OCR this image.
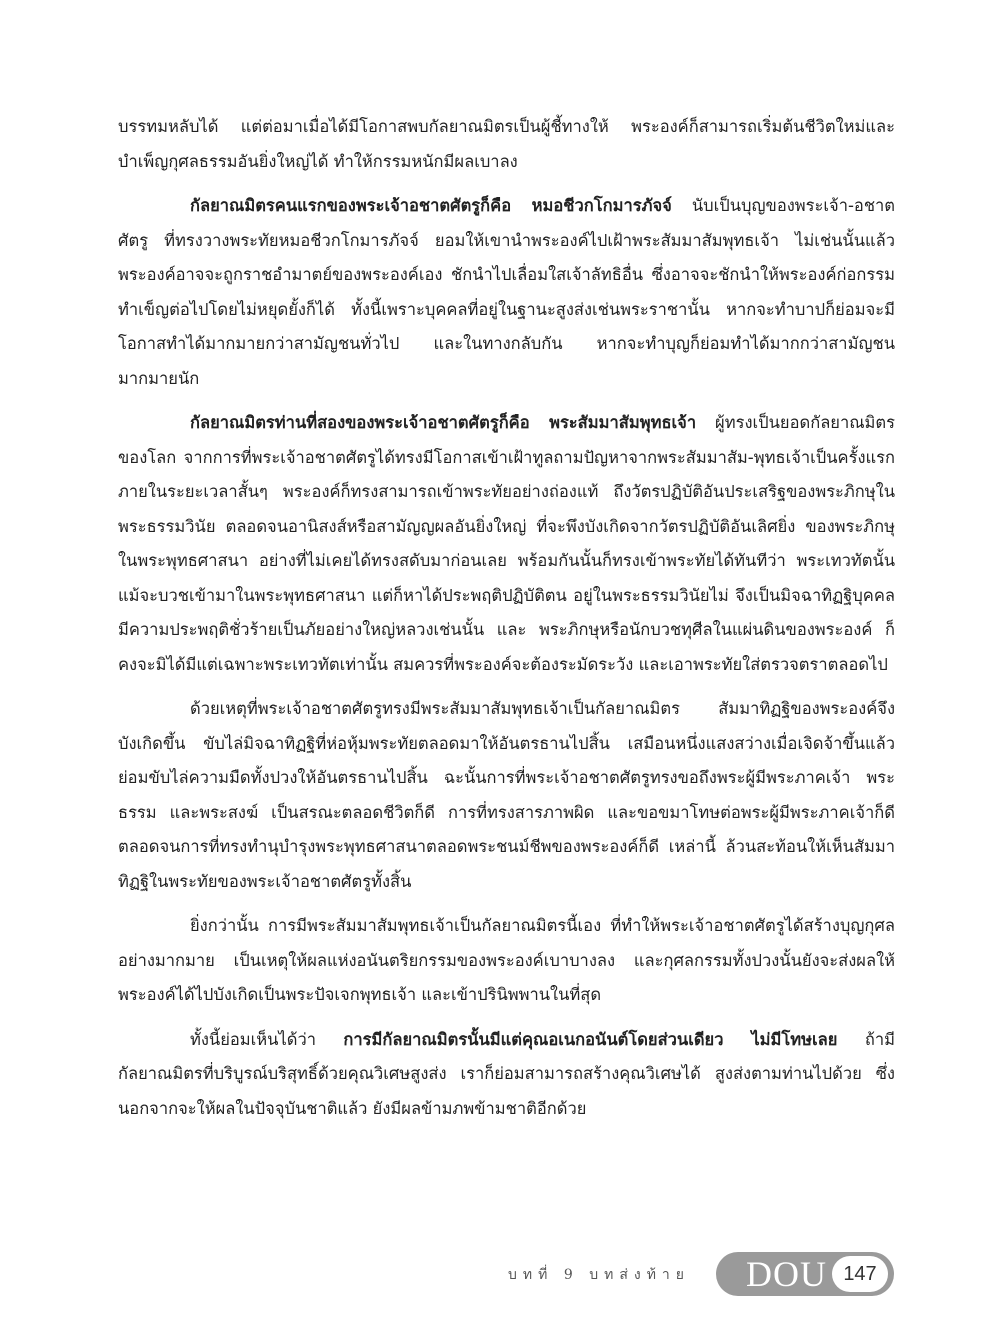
บรรทมหลับได้ แต่ต่อมาเมื่อได้มีโอกาสพบกัลยาณมิตรเป็นผู้ชี้ทางให้ พระองค์ก็สามารถเริ่มต้นชีวิตใหม่และบำเพ็ญกุศลธรรมอันยิ่งใหญ่ได้ ทำให้กรรมหนักมีผลเบาลง

กัลยาณมิตรคนแรกของพระเจ้าอชาตศัตรูก็คือ หมอชีวกโกมารภัจจ์ นับเป็นบุญของพระเจ้า-อชาตศัตรู ที่ทรงวางพระทัยหมอชีวกโกมารภัจจ์ ยอมให้เขานำพระองค์ไปเฝ้าพระสัมมาสัมพุทธเจ้า ไม่เช่นนั้นแล้ว พระองค์อาจจะถูกราชอำมาตย์ของพระองค์เอง ชักนำไปเลื่อมใสเจ้าลัทธิอื่น ซึ่งอาจจะชักนำให้พระองค์ก่อกรรมทำเข็ญต่อไปโดยไม่หยุดยั้งก็ได้ ทั้งนี้เพราะบุคคลที่อยู่ในฐานะสูงส่งเช่นพระราชานั้น หากจะทำบาปก็ย่อมจะมีโอกาสทำได้มากมายกว่าสามัญชนทั่วไป และในทางกลับกัน หากจะทำบุญก็ย่อมทำได้มากกว่าสามัญชนมากมายนัก

กัลยาณมิตรท่านที่สองของพระเจ้าอชาตศัตรูก็คือ พระสัมมาสัมพุทธเจ้า ผู้ทรงเป็นยอดกัลยาณมิตรของโลก จากการที่พระเจ้าอชาตศัตรูได้ทรงมีโอกาสเข้าเฝ้าทูลถามปัญหาจากพระสัมมาสัม-พุทธเจ้าเป็นครั้งแรก ภายในระยะเวลาสั้นๆ พระองค์ก็ทรงสามารถเข้าพระทัยอย่างถ่องแท้ ถึงวัตรปฏิบัติอันประเสริฐของพระภิกษุในพระธรรมวินัย ตลอดจนอานิสงส์หรือสามัญญผลอันยิ่งใหญ่ ที่จะพึงบังเกิดจากวัตรปฏิบัติอันเลิศยิ่ง ของพระภิกษุในพระพุทธศาสนา อย่างที่ไม่เคยได้ทรงสดับมาก่อนเลย พร้อมกันนั้นก็ทรงเข้าพระทัยได้ทันทีว่า พระเทวทัตนั้นแม้จะบวชเข้ามาในพระพุทธศาสนา แต่ก็หาได้ประพฤติปฏิบัติตน อยู่ในพระธรรมวินัยไม่ จึงเป็นมิจฉาทิฏฐิบุคคล มีความประพฤติชั่วร้ายเป็นภัยอย่างใหญ่หลวงเช่นนั้น และ พระภิกษุหรือนักบวชทุศีลในแผ่นดินของพระองค์ ก็คงจะมิได้มีแต่เฉพาะพระเทวทัตเท่านั้น สมควรที่พระองค์จะต้องระมัดระวัง และเอาพระทัยใส่ตรวจตราตลอดไป

ด้วยเหตุที่พระเจ้าอชาตศัตรูทรงมีพระสัมมาสัมพุทธเจ้าเป็นกัลยาณมิตร สัมมาทิฏฐิของพระองค์จึงบังเกิดขึ้น ขับไล่มิจฉาทิฏฐิที่ห่อหุ้มพระทัยตลอดมาให้อันตรธานไปสิ้น เสมือนหนึ่งแสงสว่างเมื่อเจิดจ้าขึ้นแล้ว ย่อมขับไล่ความมืดทั้งปวงให้อันตรธานไปสิ้น ฉะนั้นการที่พระเจ้าอชาตศัตรูทรงขอถึงพระผู้มีพระภาคเจ้า พระธรรม และพระสงฆ์ เป็นสรณะตลอดชีวิตก็ดี การที่ทรงสารภาพผิด และขอขมาโทษต่อพระผู้มีพระภาคเจ้าก็ดี ตลอดจนการที่ทรงทำนุบำรุงพระพุทธศาสนาตลอดพระชนม์ชีพของพระองค์ก็ดี เหล่านี้ ล้วนสะท้อนให้เห็นสัมมาทิฏฐิในพระทัยของพระเจ้าอชาตศัตรูทั้งสิ้น

ยิ่งกว่านั้น การมีพระสัมมาสัมพุทธเจ้าเป็นกัลยาณมิตรนี้เอง ที่ทำให้พระเจ้าอชาตศัตรูได้สร้างบุญกุศลอย่างมากมาย เป็นเหตุให้ผลแห่งอนันตริยกรรมของพระองค์เบาบางลง และกุศลกรรมทั้งปวงนั้นยังจะส่งผลให้พระองค์ได้ไปบังเกิดเป็นพระปัจเจกพุทธเจ้า และเข้าปรินิพพานในที่สุด

ทั้งนี้ย่อมเห็นได้ว่า การมีกัลยาณมิตรนั้นมีแต่คุณอเนกอนันต์โดยส่วนเดียว ไม่มีโทษเลย ถ้ามีกัลยาณมิตรที่บริบูรณ์บริสุทธิ์ด้วยคุณวิเศษสูงส่ง เราก็ย่อมสามารถสร้างคุณวิเศษได้ สูงส่งตามท่านไปด้วย ซึ่งนอกจากจะให้ผลในปัจจุบันชาติแล้ว ยังมีผลข้ามภพข้ามชาติอีกด้วย

บทที่ 9 บทส่งท้าย DOU 147
